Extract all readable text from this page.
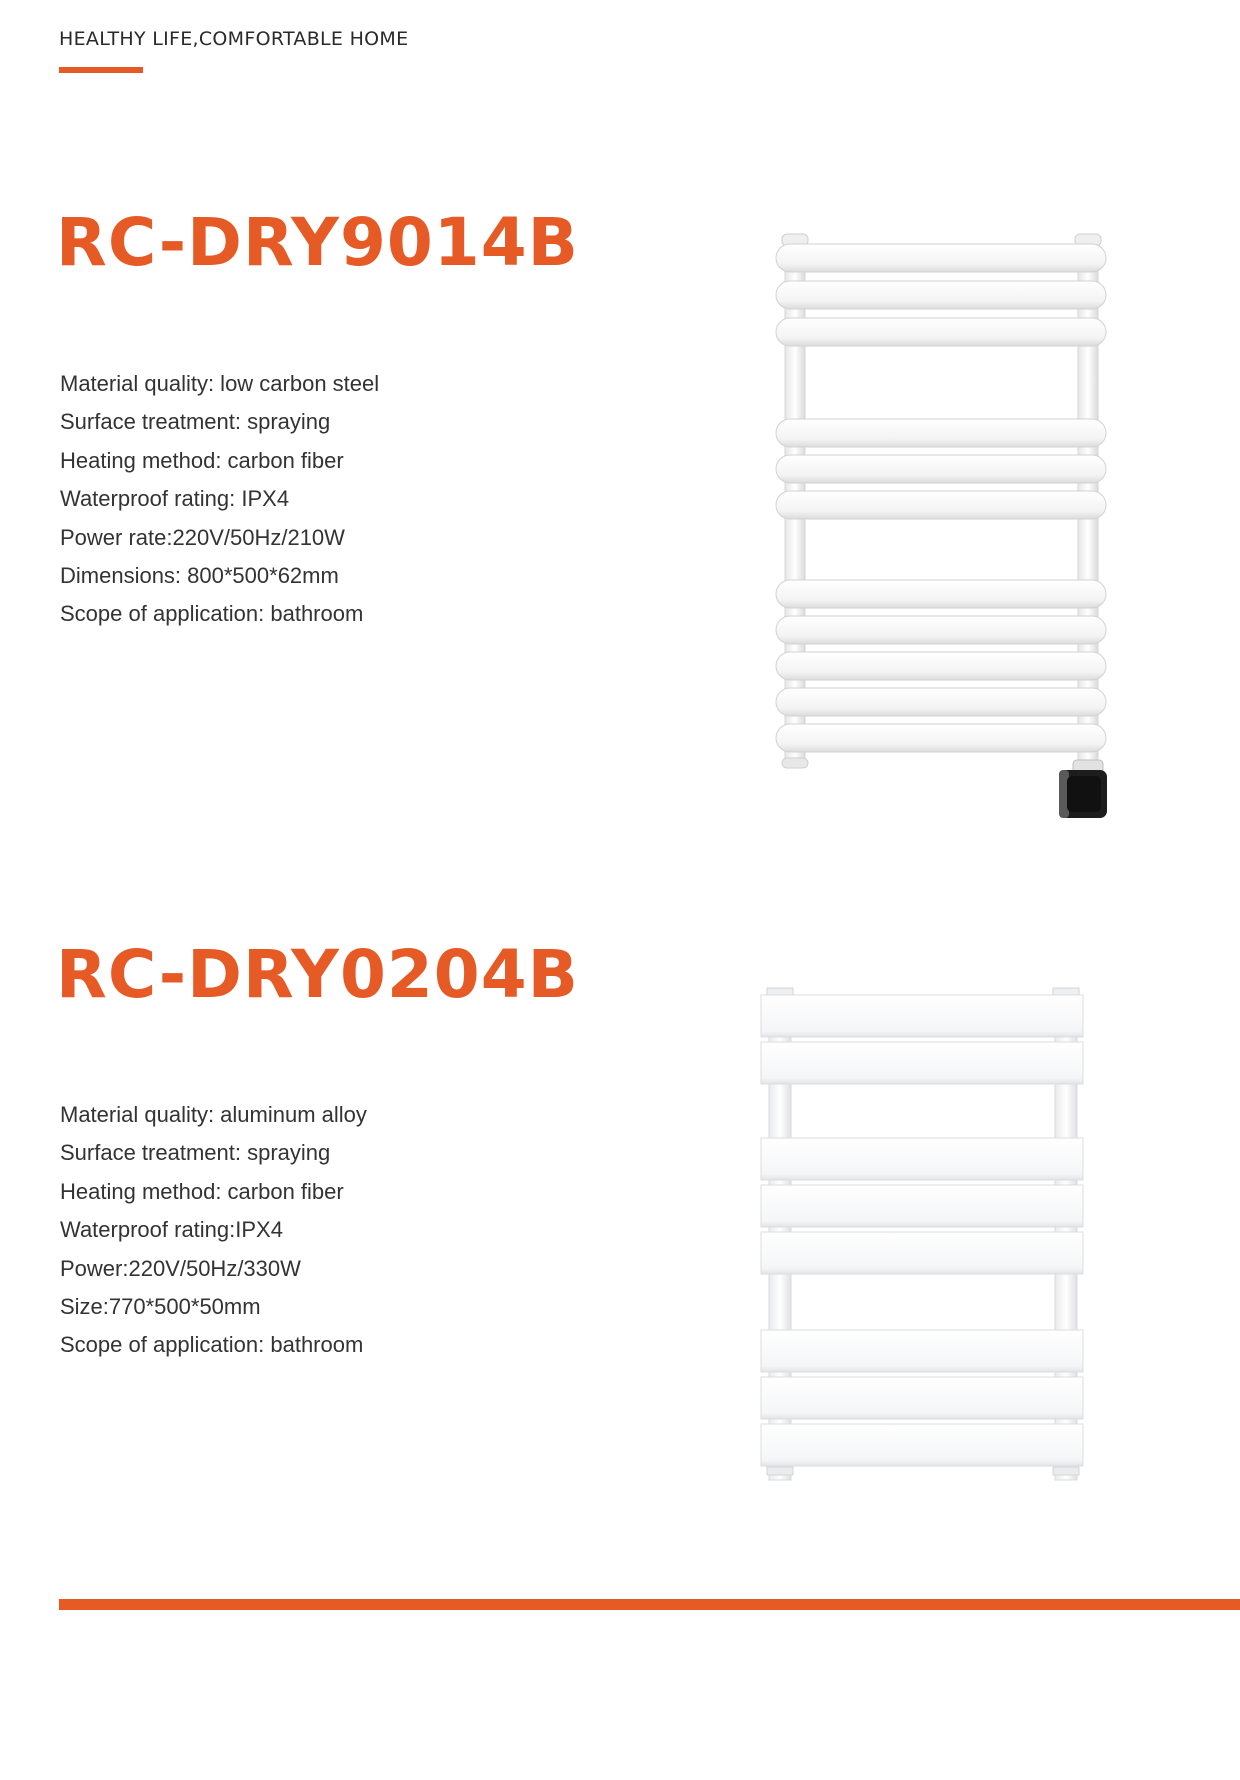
HEALTHY LIFE,COMFORTABLE HOME
RC-DRY9014B
Material quality: low carbon steel
Surface treatment: spraying
Heating method: carbon fiber
Waterproof rating: IPX4
Power rate:220V/50Hz/210W
Dimensions: 800*500*62mm
Scope of application: bathroom
RC-DRY0204B
Material quality: aluminum alloy
Surface treatment: spraying
Heating method: carbon fiber
Waterproof rating:IPX4
Power:220V/50Hz/330W
Size:770*500*50mm
Scope of application: bathroom
